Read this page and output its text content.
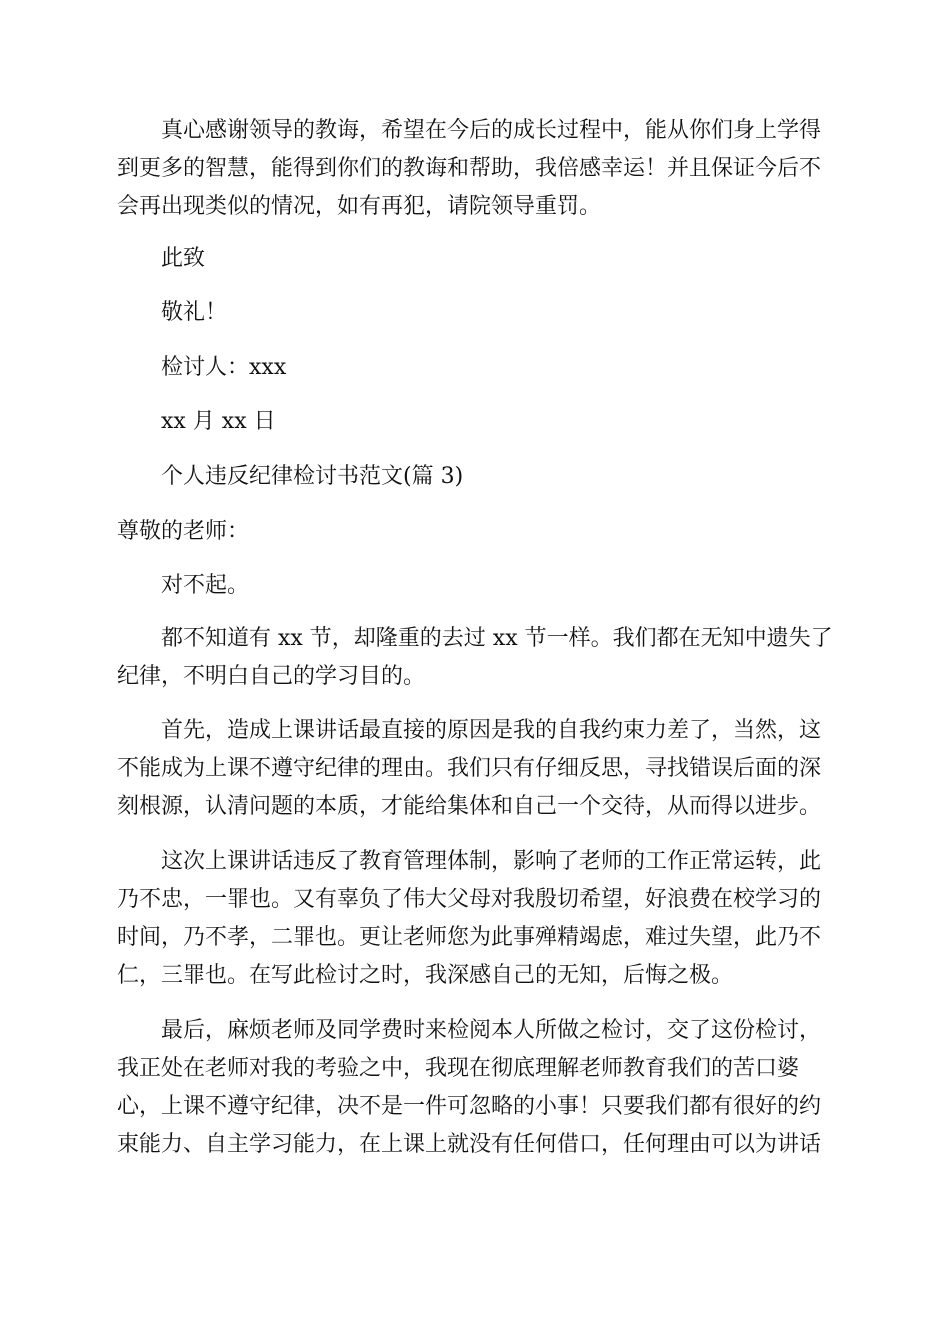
　　真心感谢领导的教诲，希望在今后的成长过程中，能从你们身上学得
到更多的智慧，能得到你们的教诲和帮助，我倍感幸运！并且保证今后不
会再出现类似的情况，如有再犯，请院领导重罚。

此致

敬礼！

检讨人：xxx

xx 月 xx 日

个人违反纪律检讨书范文(篇 3)

尊敬的老师：

对不起。

　　都不知道有 xx 节，却隆重的去过 xx 节一样。我们都在无知中遗失了
纪律，不明白自己的学习目的。
　　首先，造成上课讲话最直接的原因是我的自我约束力差了，当然，这
不能成为上课不遵守纪律的理由。我们只有仔细反思，寻找错误后面的深
刻根源，认清问题的本质，才能给集体和自己一个交待，从而得以进步。
　　这次上课讲话违反了教育管理体制，影响了老师的工作正常运转，此
乃不忠，一罪也。又有辜负了伟大父母对我殷切希望，好浪费在校学习的
时间，乃不孝，二罪也。更让老师您为此事殚精竭虑，难过失望，此乃不
仁，三罪也。在写此检讨之时，我深感自己的无知，后悔之极。
　　最后，麻烦老师及同学费时来检阅本人所做之检讨，交了这份检讨，
我正处在老师对我的考验之中，我现在彻底理解老师教育我们的苦口婆
心，上课不遵守纪律，决不是一件可忽略的小事！只要我们都有很好的约
束能力、自主学习能力，在上课上就没有任何借口，任何理由可以为讲话
